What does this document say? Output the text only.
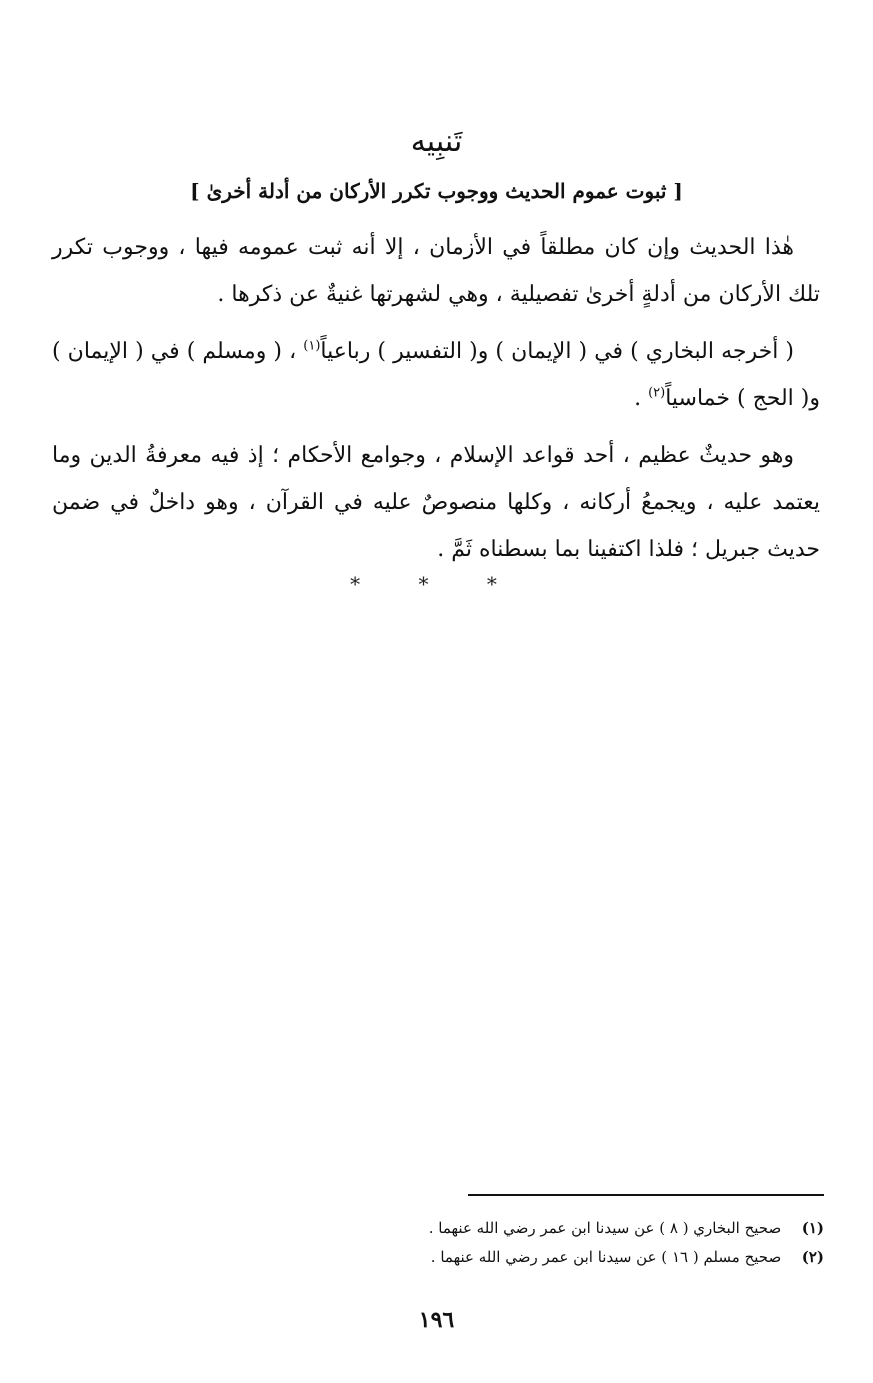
تَنبِيه
[ ثبوت عموم الحديث ووجوب تكرر الأركان من أدلة أخرىٰ ]

هٰذا الحديث وإن كان مطلقاً في الأزمان ، إلا أنه ثبت عمومه فيها ، ووجوب تكرر تلك الأركان من أدلةٍ أخرىٰ تفصيلية ، وهي لشهرتها غنيةٌ عن ذكرها .

( أخرجه البخاري ) في ( الإيمان ) و( التفسير ) رباعياً$^{(١)}$ ، ( ومسلم ) في ( الإيمان ) و( الحج ) خماسياً$^{(٢)}$ .

وهو حديثٌ عظيم ، أحد قواعد الإسلام ، وجوامع الأحكام ؛ إذ فيه معرفةُ الدين وما يعتمد عليه ، ويجمعُ أركانه ، وكلها منصوصٌ عليه في القرآن ، وهو داخلٌ في ضمن حديث جبريل ؛ فلذا اكتفينا بما بسطناه ثَمَّ .

* * *
(١) صحيح البخاري ( ٨ ) عن سيدنا ابن عمر رضي الله عنهما .
(٢) صحيح مسلم ( ١٦ ) عن سيدنا ابن عمر رضي الله عنهما .
١٩٦
